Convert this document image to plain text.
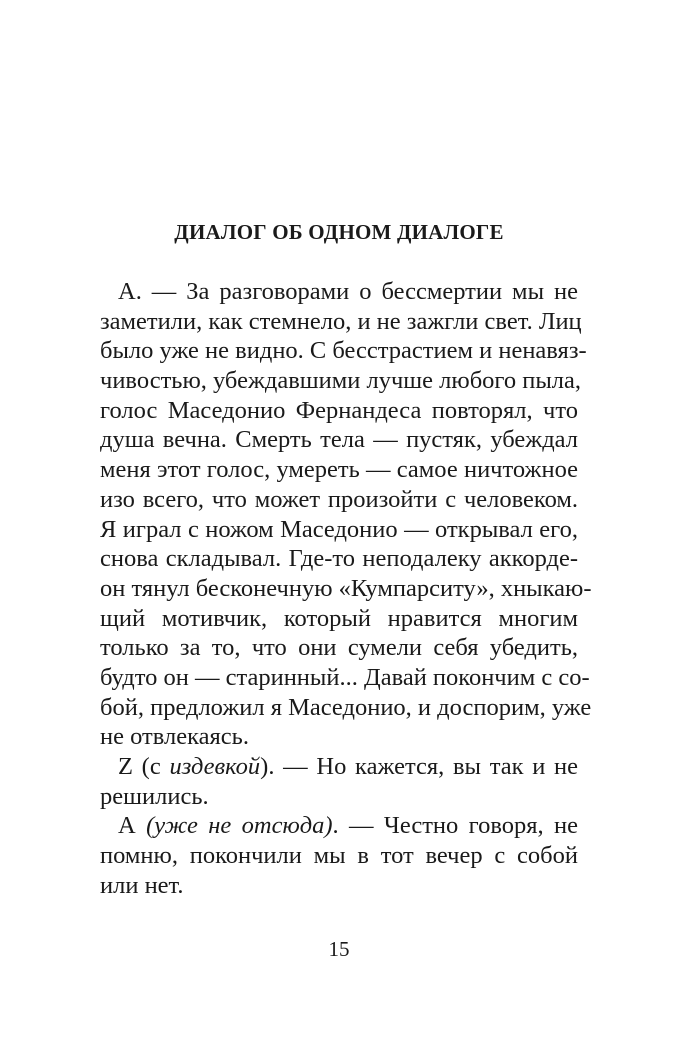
ДИАЛОГ ОБ ОДНОМ ДИАЛОГЕ
А. — За разговорами о бессмертии мы не
заметили, как стемнело, и не зажгли свет. Лиц
было уже не видно. С бесстрастием и ненавяз-
чивостью, убеждавшими лучше любого пыла,
голос Маседонио Фернандеса повторял, что
душа вечна. Смерть тела — пустяк, убеждал
меня этот голос, умереть — самое ничтожное
изо всего, что может произойти с человеком.
Я играл с ножом Маседонио — открывал его,
снова складывал. Где-то неподалеку аккорде-
он тянул бесконечную «Кумпарситу», хныкаю-
щий мотивчик, который нравится многим
только за то, что они сумели себя убедить,
будто он — старинный... Давай покончим с со-
бой, предложил я Маседонио, и доспорим, уже
не отвлекаясь.
Z (с издевкой). — Но кажется, вы так и не
решились.
А (уже не отсюда). — Честно говоря, не
помню, покончили мы в тот вечер с собой
или нет.
15
